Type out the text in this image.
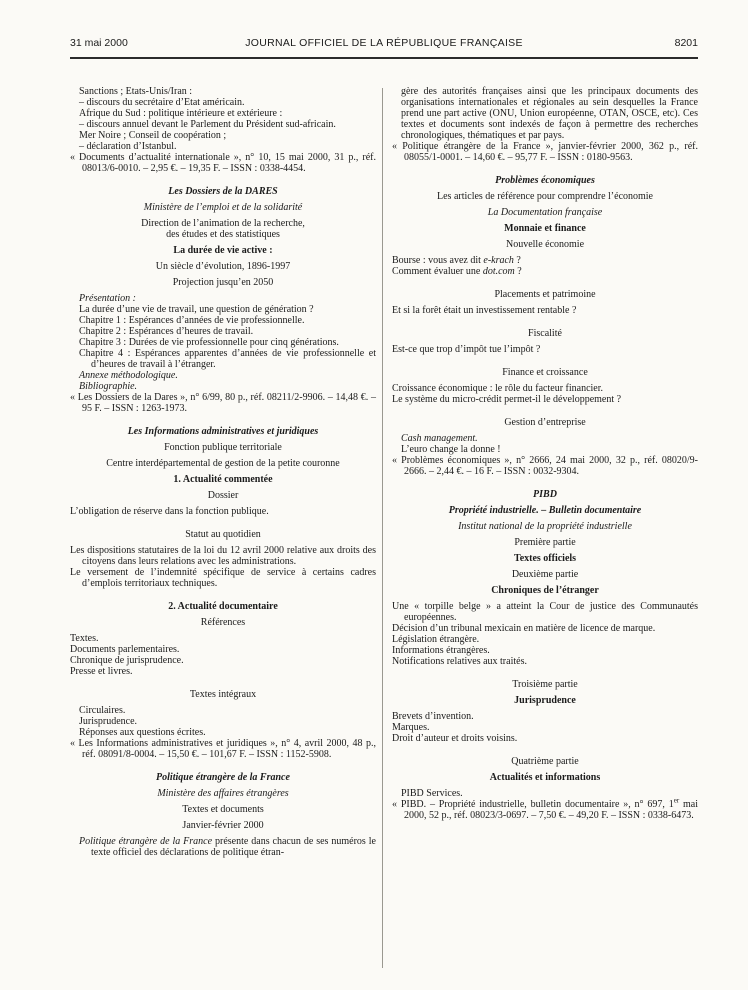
31 mai 2000	JOURNAL OFFICIEL DE LA RÉPUBLIQUE FRANÇAISE	8201

Sanctions ; Etats-Unis/Iran :

– discours du secrétaire d’Etat américain.

Afrique du Sud : politique intérieure et extérieure :

– discours annuel devant le Parlement du Président sud-africain.

Mer Noire ; Conseil de coopération ;

– déclaration d’Istanbul.

« Documents d’actualité internationale », n° 10, 15 mai 2000, 31 p., réf. 08013/6-0010. – 2,95 €. – 19,35 F. – ISSN : 0338-4454.

Les Dossiers de la DARES

Ministère de l’emploi et de la solidarité

Direction de l’animation de la recherche,
des études et des statistiques

La durée de vie active :

Un siècle d’évolution, 1896-1997

Projection jusqu’en 2050

Présentation :

La durée d’une vie de travail, une question de génération ?

Chapitre 1 : Espérances d’années de vie professionnelle.

Chapitre 2 : Espérances d’heures de travail.

Chapitre 3 : Durées de vie professionnelle pour cinq générations.

Chapitre 4 : Espérances apparentes d’années de vie professionnelle et d’heures de travail à l’étranger.

Annexe méthodologique.

Bibliographie.

« Les Dossiers de la Dares », n° 6/99, 80 p., réf. 08211/2-9906. – 14,48 €. – 95 F. – ISSN : 1263-1973.

Les Informations administratives et juridiques

Fonction publique territoriale

Centre interdépartemental de gestion de la petite couronne

1. Actualité commentée

Dossier

L’obligation de réserve dans la fonction publique.

Statut au quotidien

Les dispositions statutaires de la loi du 12 avril 2000 relative aux droits des citoyens dans leurs relations avec les administrations.

Le versement de l’indemnité spécifique de service à certains cadres d’emplois territoriaux techniques.

2. Actualité documentaire

Références

Textes.

Documents parlementaires.

Chronique de jurisprudence.

Presse et livres.

Textes intégraux

Circulaires.

Jurisprudence.

Réponses aux questions écrites.

« Les Informations administratives et juridiques », n° 4, avril 2000, 48 p., réf. 08091/8-0004. – 15,50 €. – 101,67 F. – ISSN : 1152-5908.

Politique étrangère de la France

Ministère des affaires étrangères

Textes et documents

Janvier-février 2000

Politique étrangère de la France présente dans chacun de ses numéros le texte officiel des déclarations de politique étran-

gère des autorités françaises ainsi que les principaux documents des organisations internationales et régionales au sein desquelles la France prend une part active (ONU, Union européenne, OTAN, OSCE, etc). Ces textes et documents sont indexés de façon à permettre des recherches chronologiques, thématiques et par pays.

« Politique étrangère de la France », janvier-février 2000, 362 p., réf. 08055/1-0001. – 14,60 €. – 95,77 F. – ISSN : 0180-9563.

Problèmes économiques

Les articles de référence pour comprendre l’économie

La Documentation française

Monnaie et finance

Nouvelle économie

Bourse : vous avez dit e-krach ?

Comment évaluer une dot.com ?

Placements et patrimoine

Et si la forêt était un investissement rentable ?

Fiscalité

Est-ce que trop d’impôt tue l’impôt ?

Finance et croissance

Croissance économique : le rôle du facteur financier.

Le système du micro-crédit permet-il le développement ?

Gestion d’entreprise

Cash management.

L’euro change la donne !

« Problèmes économiques », n° 2666, 24 mai 2000, 32 p., réf. 08020/9-2666. – 2,44 €. – 16 F. – ISSN : 0032-9304.

PIBD

Propriété industrielle. – Bulletin documentaire

Institut national de la propriété industrielle

Première partie

Textes officiels

Deuxième partie

Chroniques de l’étranger

Une « torpille belge » a atteint la Cour de justice des Communautés européennes.

Décision d’un tribunal mexicain en matière de licence de marque.

Législation étrangère.

Informations étrangères.

Notifications relatives aux traités.

Troisième partie

Jurisprudence

Brevets d’invention.

Marques.

Droit d’auteur et droits voisins.

Quatrième partie

Actualités et informations

PIBD Services.

« PIBD. – Propriété industrielle, bulletin documentaire », n° 697, 1er mai 2000, 52 p., réf. 08023/3-0697. – 7,50 €. – 49,20 F. – ISSN : 0338-6473.
